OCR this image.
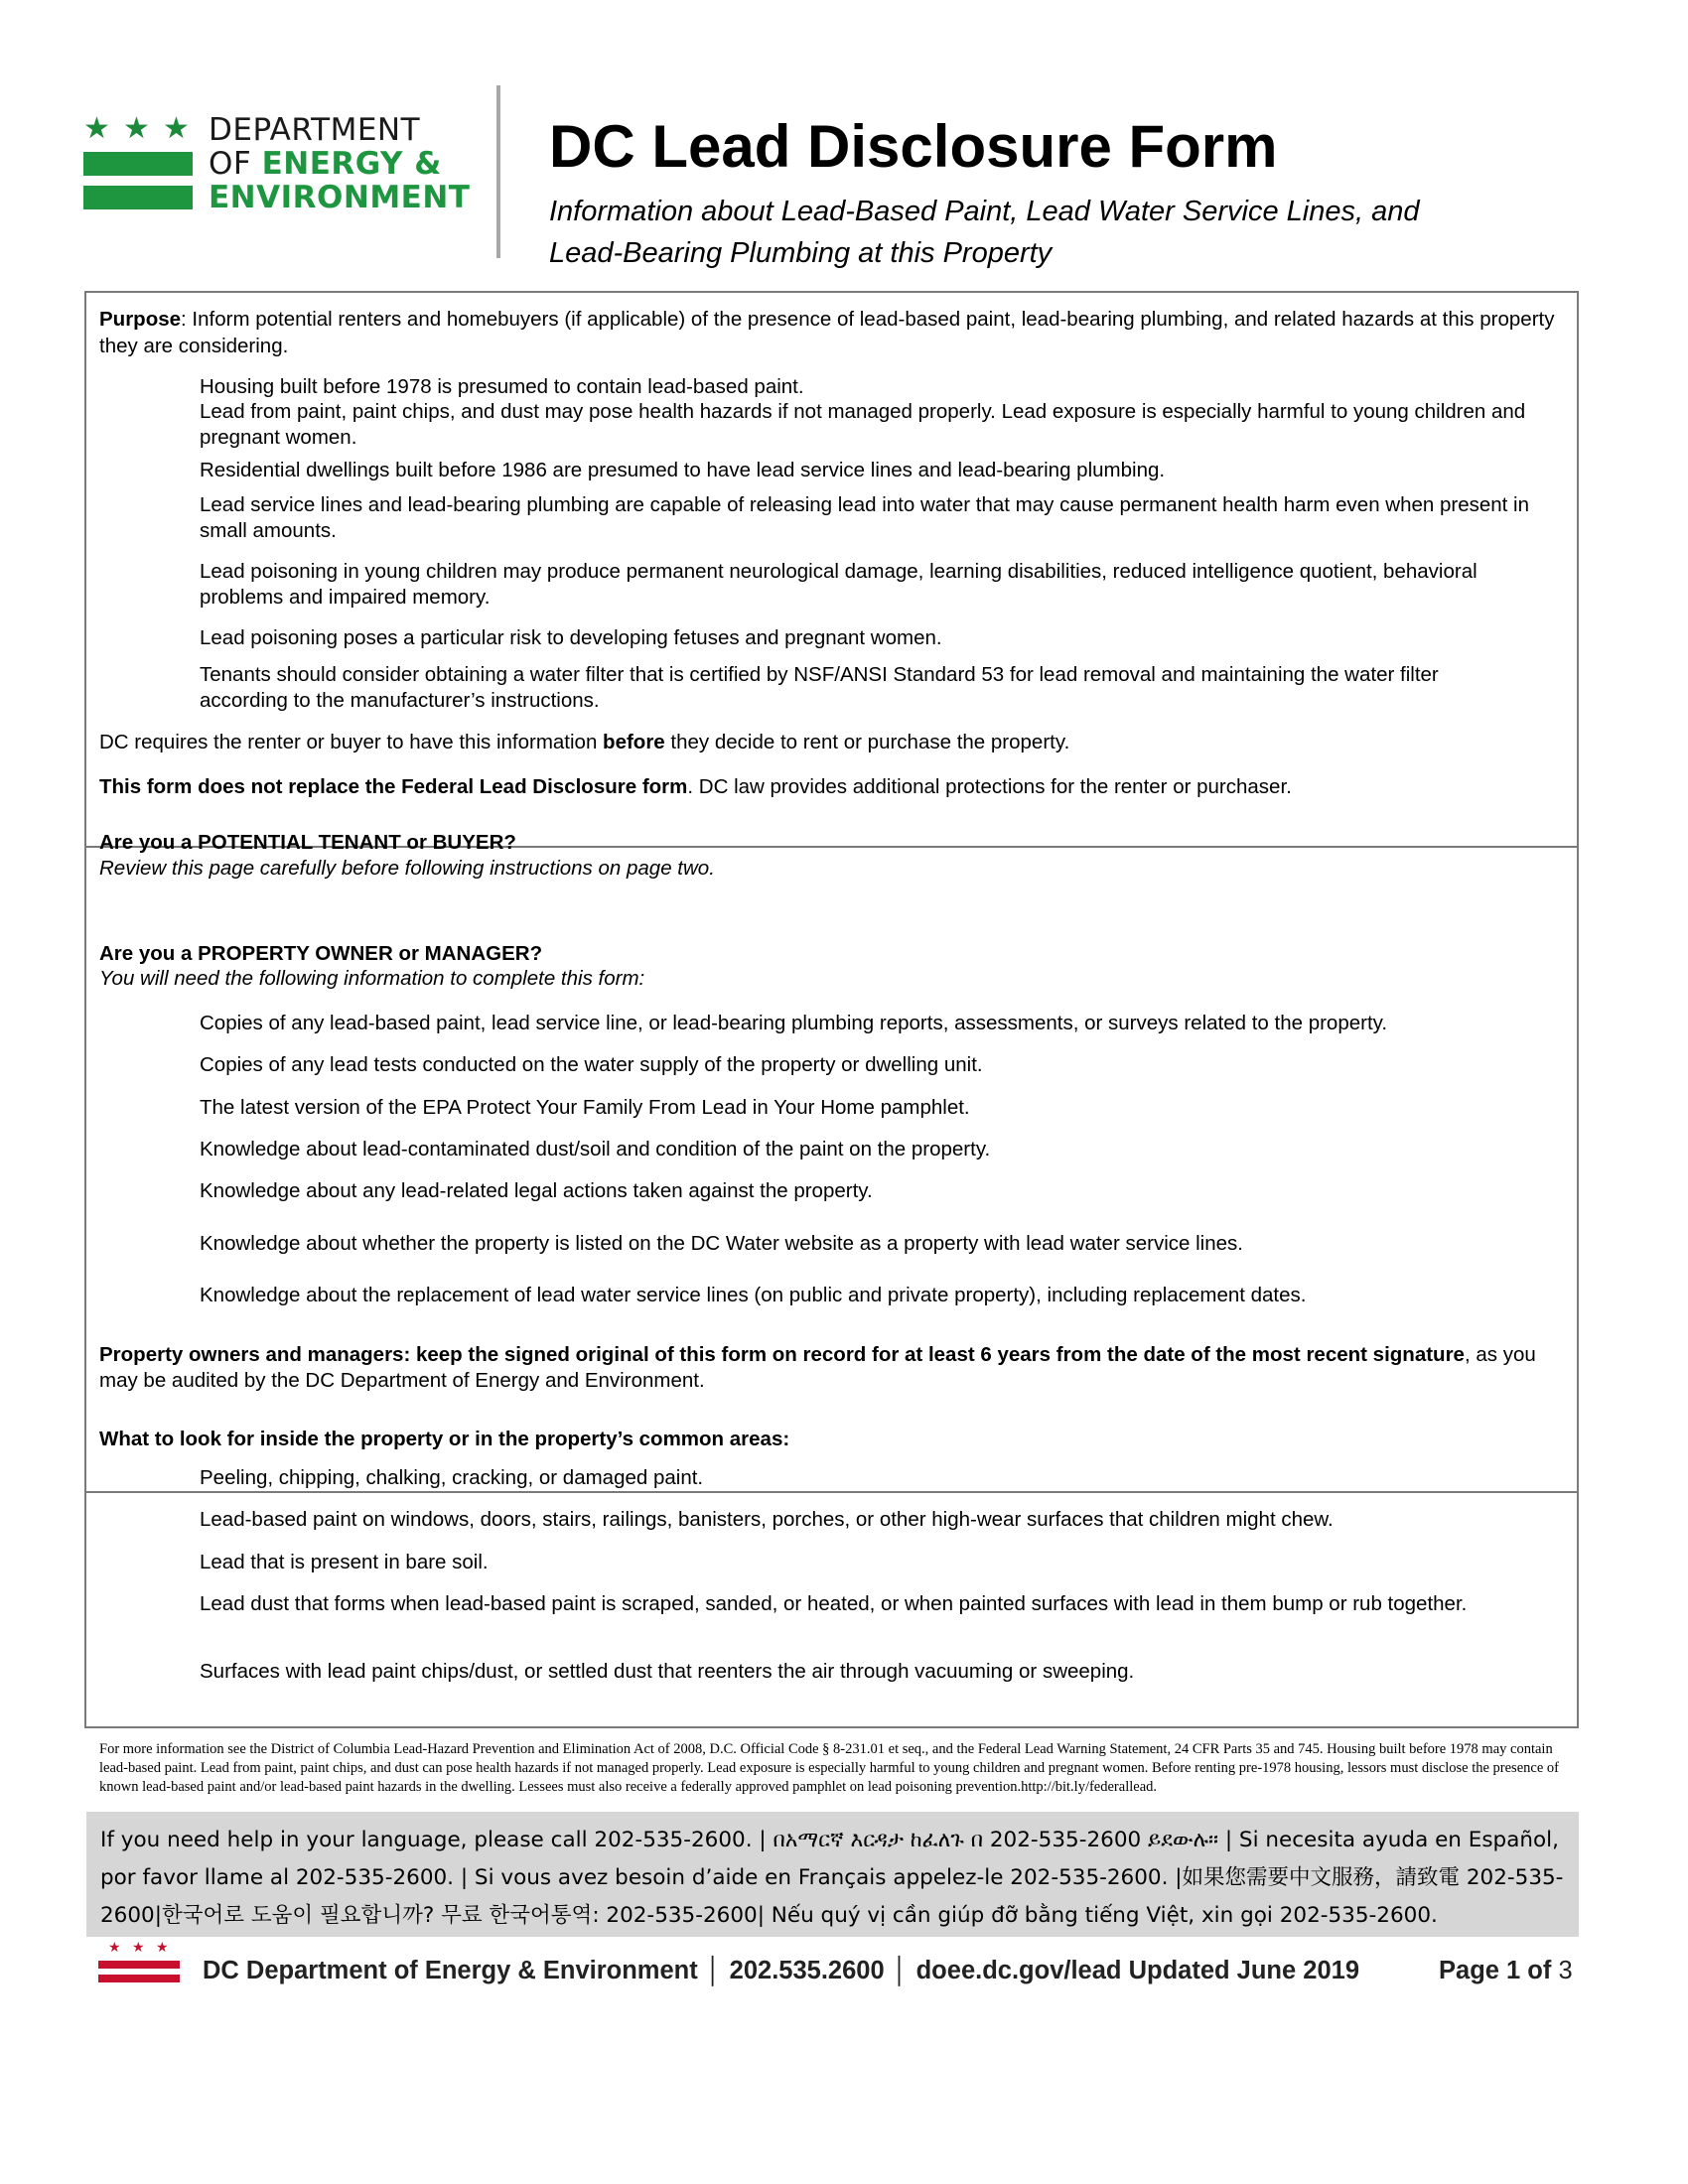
★ ★ ★ DEPARTMENT
OF ENERGY &
ENVIRONMENT
DC Lead Disclosure Form
Information about Lead-Based Paint, Lead Water Service Lines, and
Lead-Bearing Plumbing at this Property
Purpose: Inform potential renters and homebuyers (if applicable) of the presence of lead-based paint, lead-bearing plumbing, and related hazards at this property they are considering.
Housing built before 1978 is presumed to contain lead-based paint.
Lead from paint, paint chips, and dust may pose health hazards if not managed properly. Lead exposure is especially harmful to young children and pregnant women.
Residential dwellings built before 1986 are presumed to have lead service lines and lead-bearing plumbing.
Lead service lines and lead-bearing plumbing are capable of releasing lead into water that may cause permanent health harm even when present in small amounts.
Lead poisoning in young children may produce permanent neurological damage, learning disabilities, reduced intelligence quotient, behavioral problems and impaired memory.
Lead poisoning poses a particular risk to developing fetuses and pregnant women.
Tenants should consider obtaining a water filter that is certified by NSF/ANSI Standard 53 for lead removal and maintaining the water filter according to the manufacturer’s instructions.
DC requires the renter or buyer to have this information before they decide to rent or purchase the property.
This form does not replace the Federal Lead Disclosure form. DC law provides additional protections for the renter or purchaser.
Are you a POTENTIAL TENANT or BUYER?
Review this page carefully before following instructions on page two.
Are you a PROPERTY OWNER or MANAGER?
You will need the following information to complete this form:
Copies of any lead-based paint, lead service line, or lead-bearing plumbing reports, assessments, or surveys related to the property.
Copies of any lead tests conducted on the water supply of the property or dwelling unit.
The latest version of the EPA Protect Your Family From Lead in Your Home pamphlet.
Knowledge about lead-contaminated dust/soil and condition of the paint on the property.
Knowledge about any lead-related legal actions taken against the property.
Knowledge about whether the property is listed on the DC Water website as a property with lead water service lines.
Knowledge about the replacement of lead water service lines (on public and private property), including replacement dates.
Property owners and managers: keep the signed original of this form on record for at least 6 years from the date of the most recent signature, as you may be audited by the DC Department of Energy and Environment.
What to look for inside the property or in the property’s common areas:
Peeling, chipping, chalking, cracking, or damaged paint.
Lead-based paint on windows, doors, stairs, railings, banisters, porches, or other high-wear surfaces that children might chew.
Lead that is present in bare soil.
Lead dust that forms when lead-based paint is scraped, sanded, or heated, or when painted surfaces with lead in them bump or rub together.
Surfaces with lead paint chips/dust, or settled dust that reenters the air through vacuuming or sweeping.
For more information see the District of Columbia Lead-Hazard Prevention and Elimination Act of 2008, D.C. Official Code § 8-231.01 et seq., and the Federal Lead Warning Statement, 24 CFR Parts 35 and 745. Housing built before 1978 may contain lead-based paint. Lead from paint, paint chips, and dust can pose health hazards if not managed properly. Lead exposure is especially harmful to young children and pregnant women. Before renting pre-1978 housing, lessors must disclose the presence of known lead-based paint and/or lead-based paint hazards in the dwelling. Lessees must also receive a federally approved pamphlet on lead poisoning prevention.http://bit.ly/federallead.
If you need help in your language, please call 202-535-2600. | በአማርኛ እርዳታ ከፈለጉ በ 202-535-2600 ይደውሉ። | Si necesita ayuda en Español, por favor llame al 202-535-2600. | Si vous avez besoin d’aide en Français appelez-le 202-535-2600. |如果您需要中文服務，請致電 202-535-2600|한국어로 도움이 필요합니까? 무료 한국어통역: 202-535-2600| Nếu quý vị cần giúp đỡ bằng tiếng Việt, xin gọi 202-535-2600.
★ ★ ★
DC Department of Energy & Environment │ 202.535.2600 │ doee.dc.gov/lead Updated June 2019	Page 1 of 3
